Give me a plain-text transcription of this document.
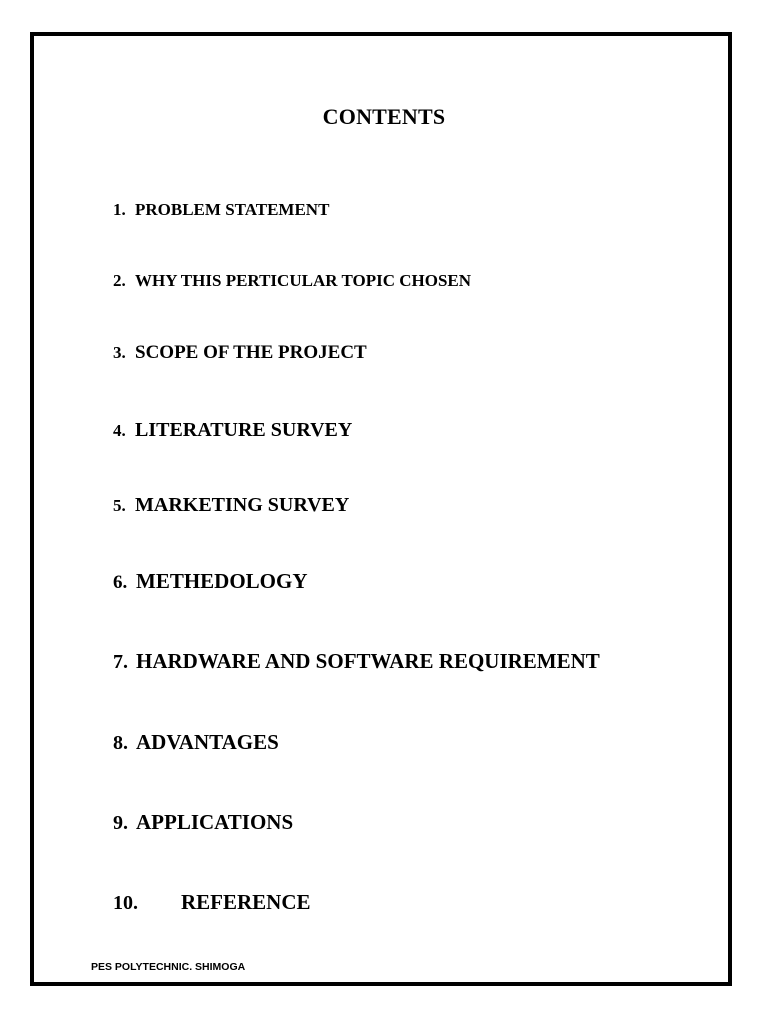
CONTENTS
1. PROBLEM STATEMENT
2. WHY THIS PERTICULAR TOPIC CHOSEN
3. SCOPE OF THE PROJECT
4. LITERATURE SURVEY
5. MARKETING SURVEY
6. METHEDOLOGY
7. HARDWARE AND SOFTWARE REQUIREMENT
8. ADVANTAGES
9. APPLICATIONS
10.	REFERENCE
PES POLYTECHNIC. SHIMOGA
